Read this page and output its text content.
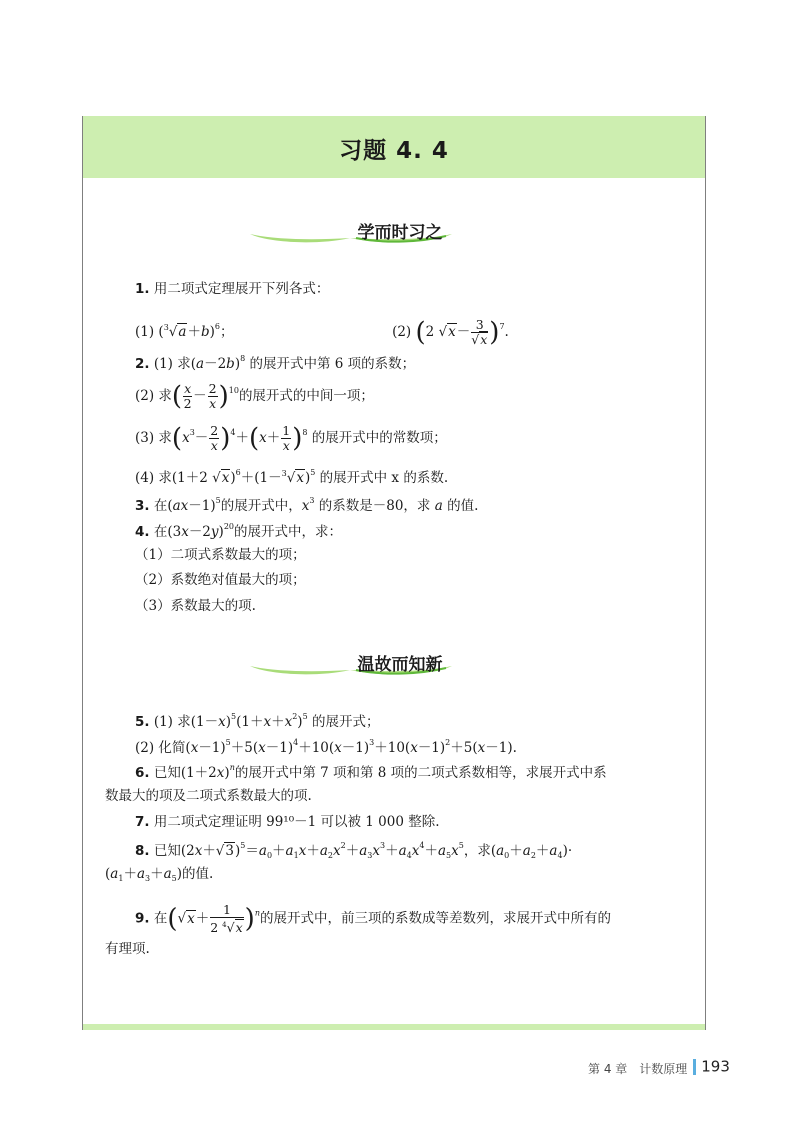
习题 4. 4
学而时习之
温故而知新
1. 用二项式定理展开下列各式：
(1) $(^3√a+b)^6$；	(2) (2 $√x- \frac{3}{√x} )^7$.
2. (1) 求$(a-2b)^8$ 的展开式中第 6 项的系数；
(2) 求( $\frac{x}{2} - \frac{2}{x} )^{10}$的展开式的中间一项；
(3) 求$(x^3- \frac{2}{x} )^4+(x+ \frac{1}{x} )^8$ 的展开式中的常数项；
(4) 求(1＋2 $√x)^6+(1-^3√x)^5$ 的展开式中 x 的系数.
3. 在$(ax-1)^5$的展开式中，$x^3$ 的系数是－80，求 a 的值.
4. 在$(3x-2y)^{20}$的展开式中，求：
（1）二项式系数最大的项；
（2）系数绝对值最大的项；
（3）系数最大的项.
5. (1) 求$(1-x)^5(1+x+x^2)^5$ 的展开式；
(2) 化简$(x-1)^5+5(x-1)^4+10(x-1)^3+10(x-1)^2+5(x-1)$.
6. 已知$(1+2x)^n$的展开式中第 7 项和第 8 项的二项式系数相等，求展开式中系
数最大的项及二项式系数最大的项.
7. 用二项式定理证明 99¹⁰－1 可以被 1 000 整除.
8. 已知$(2x+√3)^5=a_0+a_1x+a_2x^2+a_3x^3+a_4x^4+a_5x^5$，求$(a_0+a_2+a_4)\cdot$
$(a_1+a_3+a_5)$的值.
9. 在$(√x+ \frac{1}{2 ^4√x} )^n$的展开式中，前三项的系数成等差数列，求展开式中所有的
有理项.
第 4 章　计数原理 193
